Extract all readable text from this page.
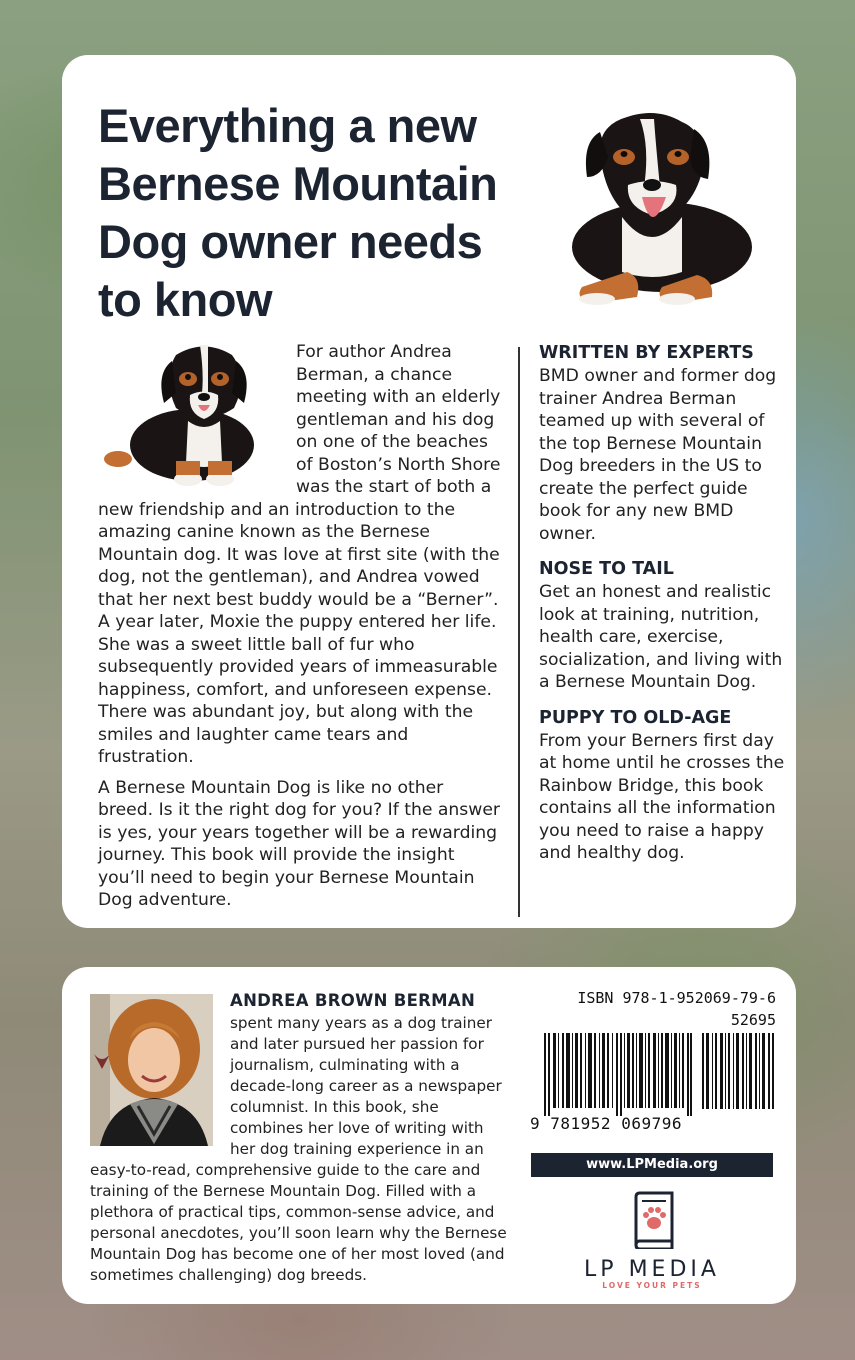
Everything a new Bernese Mountain Dog owner needs to know

For author Andrea Berman, a chance meeting with an elderly gentleman and his dog on one of the beaches of Boston’s North Shore was the start of both a new friendship and an introduction to the amazing canine known as the Bernese Mountain dog. It was love at first site (with the dog, not the gentleman), and Andrea vowed that her next best buddy would be a “Berner”. A year later, Moxie the puppy entered her life. She was a sweet little ball of fur who subsequently provided years of immeasurable happiness, comfort, and unforeseen expense. There was abundant joy, but along with the smiles and laughter came tears and frustration.

A Bernese Mountain Dog is like no other breed. Is it the right dog for you? If the answer is yes, your years together will be a rewarding journey. This book will provide the insight you’ll need to begin your Bernese Mountain Dog adventure.

WRITTEN BY EXPERTS

BMD owner and former dog trainer Andrea Berman teamed up with several of the top Bernese Mountain Dog breeders in the US to create the perfect guide book for any new BMD owner.

NOSE TO TAIL

Get an honest and realistic look at training, nutrition, health care, exercise, socialization, and living with a Bernese Mountain Dog.

PUPPY TO OLD-AGE

From your Berners first day at home until he crosses the Rainbow Bridge, this book contains all the information you need to raise a happy and healthy dog.

ANDREA BROWN BERMAN

spent many years as a dog trainer and later pursued her passion for journalism, culminating with a decade-long career as a newspaper columnist. In this book, she combines her love of writing with her dog training experience in an easy-to-read, comprehensive guide to the care and training of the Bernese Mountain Dog. Filled with a plethora of practical tips, common-sense advice, and personal anecdotes, you’ll soon learn why the Bernese Mountain Dog has become one of her most loved (and sometimes challenging) dog breeds.

ISBN 978-1-952069-79-6
52695
9 781952 069796
www.LPMedia.org
LP MEDIA
LOVE YOUR PETS
